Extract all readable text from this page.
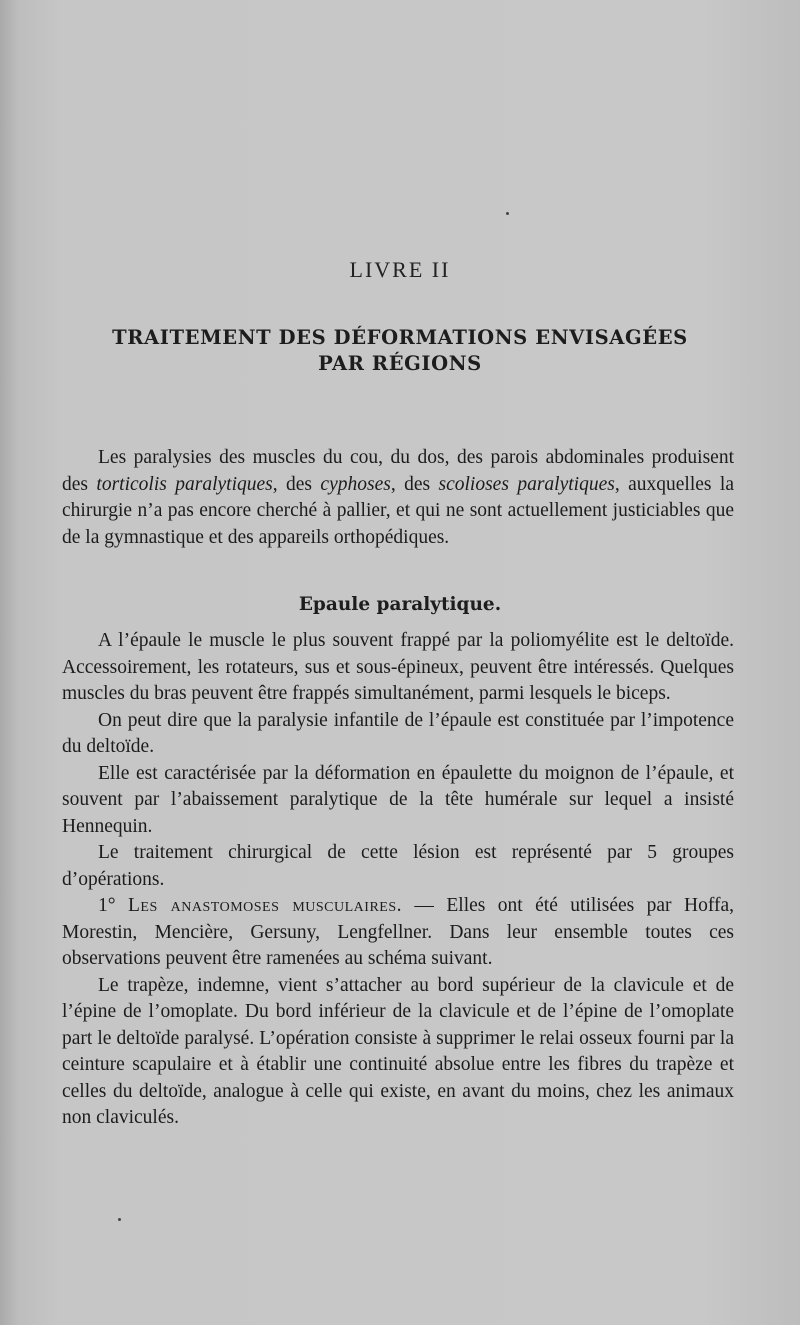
LIVRE II
TRAITEMENT DES DÉFORMATIONS ENVISAGÉES
PAR RÉGIONS
Les paralysies des muscles du cou, du dos, des parois abdominales produisent des torticolis paralytiques, des cyphoses, des scolioses paralytiques, auxquelles la chirurgie n’a pas encore cherché à pallier, et qui ne sont actuellement justiciables que de la gymnastique et des appareils orthopédiques.
Epaule paralytique.

A l’épaule le muscle le plus souvent frappé par la poliomyélite est le deltoïde. Accessoirement, les rotateurs, sus et sous-épineux, peuvent être intéressés. Quelques muscles du bras peuvent être frappés simultanément, parmi lesquels le biceps.

On peut dire que la paralysie infantile de l’épaule est constituée par l’impotence du deltoïde.

Elle est caractérisée par la déformation en épaulette du moignon de l’épaule, et souvent par l’abaissement paralytique de la tête humérale sur lequel a insisté Hennequin.

Le traitement chirurgical de cette lésion est représenté par 5 groupes d’opérations.

1° Les anastomoses musculaires. — Elles ont été utilisées par Hoffa, Morestin, Mencière, Gersuny, Lengfellner. Dans leur ensemble toutes ces observations peuvent être ramenées au schéma suivant.

Le trapèze, indemne, vient s’attacher au bord supérieur de la clavicule et de l’épine de l’omoplate. Du bord inférieur de la clavicule et de l’épine de l’omoplate part le deltoïde paralysé. L’opération consiste à supprimer le relai osseux fourni par la ceinture scapulaire et à établir une continuité absolue entre les fibres du trapèze et celles du deltoïde, analogue à celle qui existe, en avant du moins, chez les animaux non claviculés.
